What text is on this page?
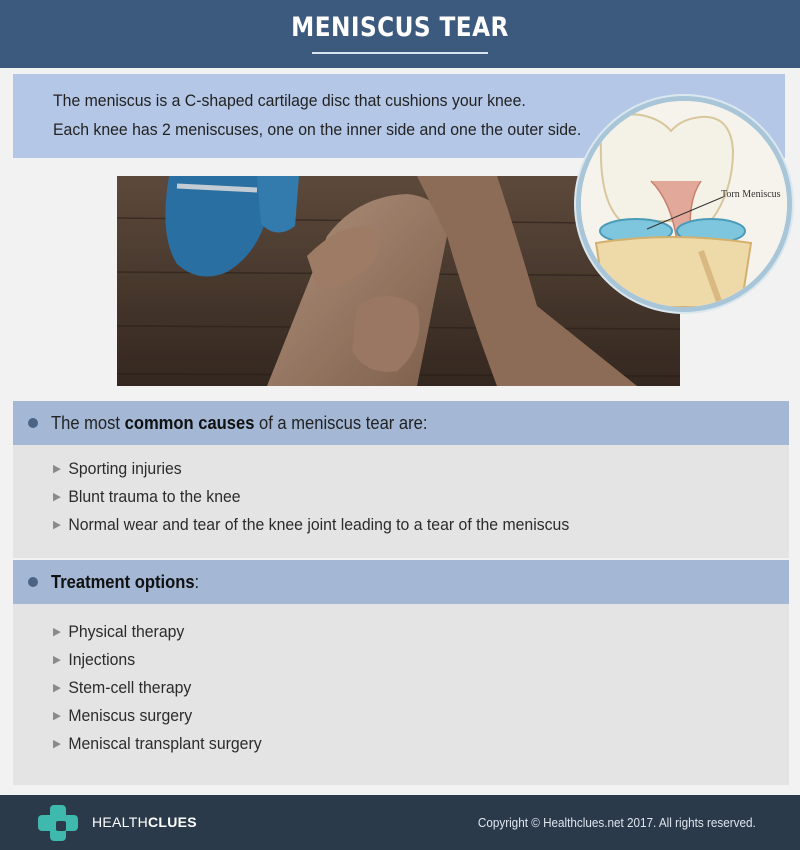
MENISCUS TEAR

The meniscus is a C-shaped cartilage disc that cushions your knee.

Each knee has 2 meniscuses, one on the inner side and one the outer side.

Torn Meniscus
The most common causes of a meniscus tear are:
▶ Sporting injuries
▶ Blunt trauma to the knee
▶ Normal wear and tear of the knee joint leading to a tear of the meniscus
Treatment options:
▶ Physical therapy
▶ Injections
▶ Stem-cell therapy
▶ Meniscus surgery
▶ Meniscal transplant surgery
HEALTHCLUES	Copyright © Healthclues.net 2017. All rights reserved.
